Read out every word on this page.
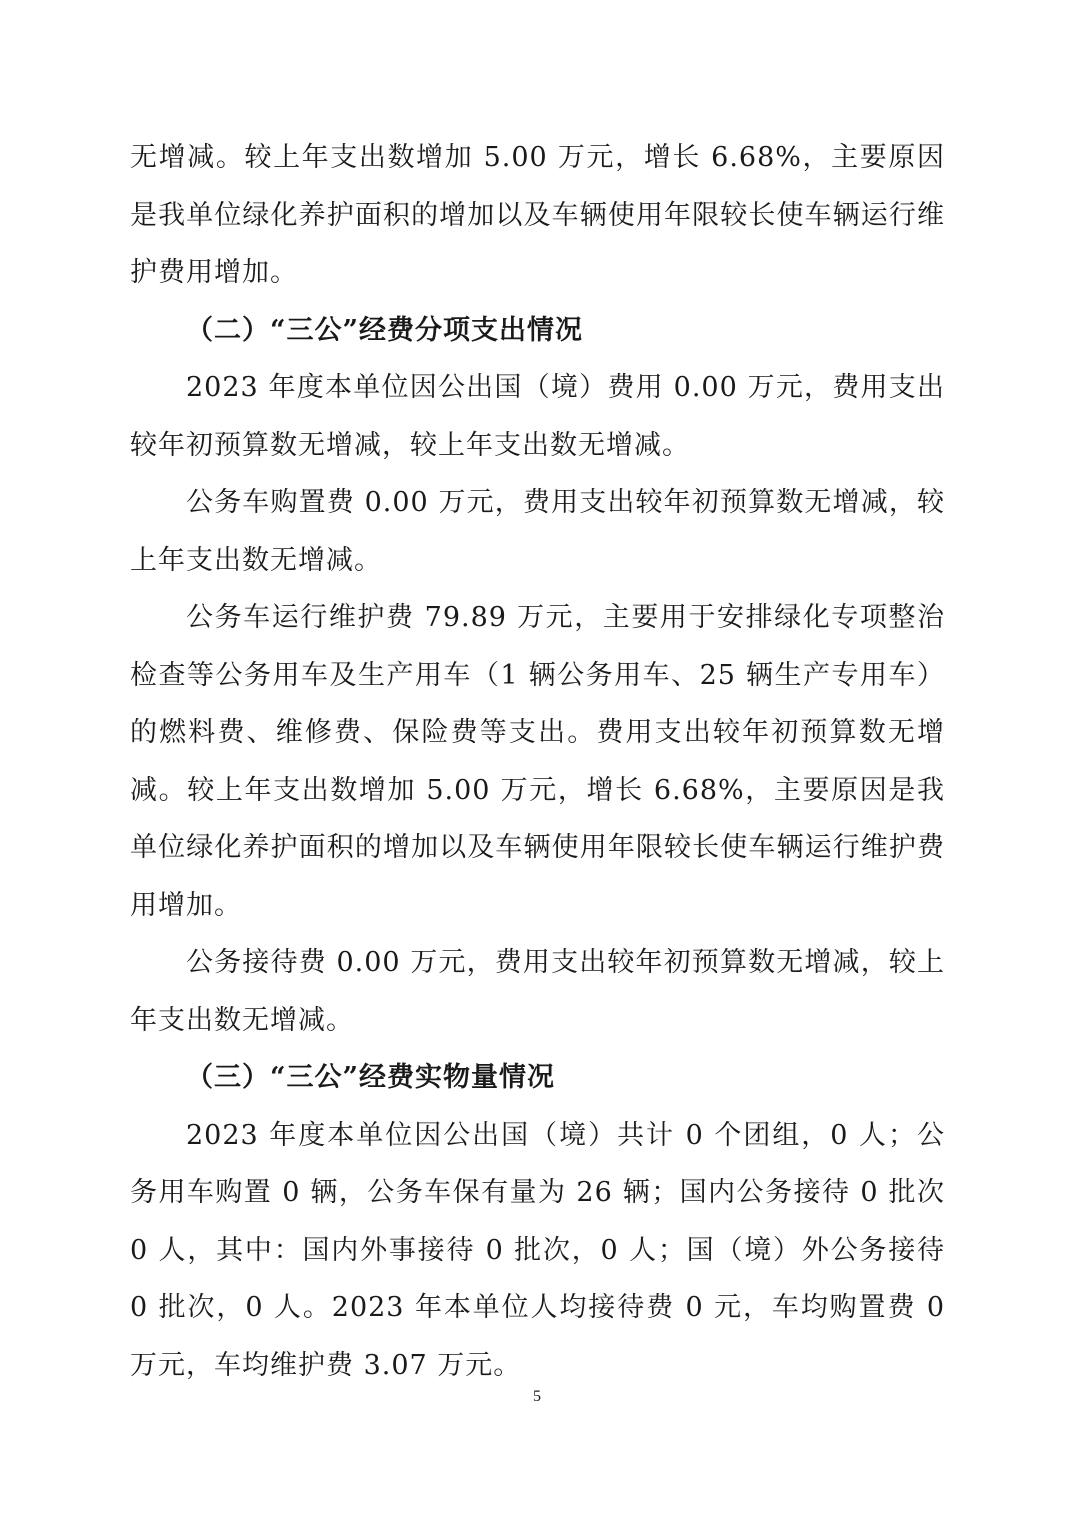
无增减。较上年支出数增加 5.00 万元，增长 6.68%，主要原因是我单位绿化养护面积的增加以及车辆使用年限较长使车辆运行维护费用增加。

（二）“三公”经费分项支出情况

2023 年度本单位因公出国（境）费用 0.00 万元，费用支出较年初预算数无增减，较上年支出数无增减。

公务车购置费 0.00 万元，费用支出较年初预算数无增减，较上年支出数无增减。

公务车运行维护费 79.89 万元，主要用于安排绿化专项整治检查等公务用车及生产用车（1 辆公务用车、25 辆生产专用车）的燃料费、维修费、保险费等支出。费用支出较年初预算数无增减。较上年支出数增加 5.00 万元，增长 6.68%，主要原因是我单位绿化养护面积的增加以及车辆使用年限较长使车辆运行维护费用增加。

公务接待费 0.00 万元，费用支出较年初预算数无增减，较上年支出数无增减。

（三）“三公”经费实物量情况

2023 年度本单位因公出国（境）共计 0 个团组，0 人；公务用车购置 0 辆，公务车保有量为 26 辆；国内公务接待 0 批次 0 人，其中：国内外事接待 0 批次，0 人；国（境）外公务接待 0 批次，0 人。2023 年本单位人均接待费 0 元，车均购置费 0 万元，车均维护费 3.07 万元。

5
